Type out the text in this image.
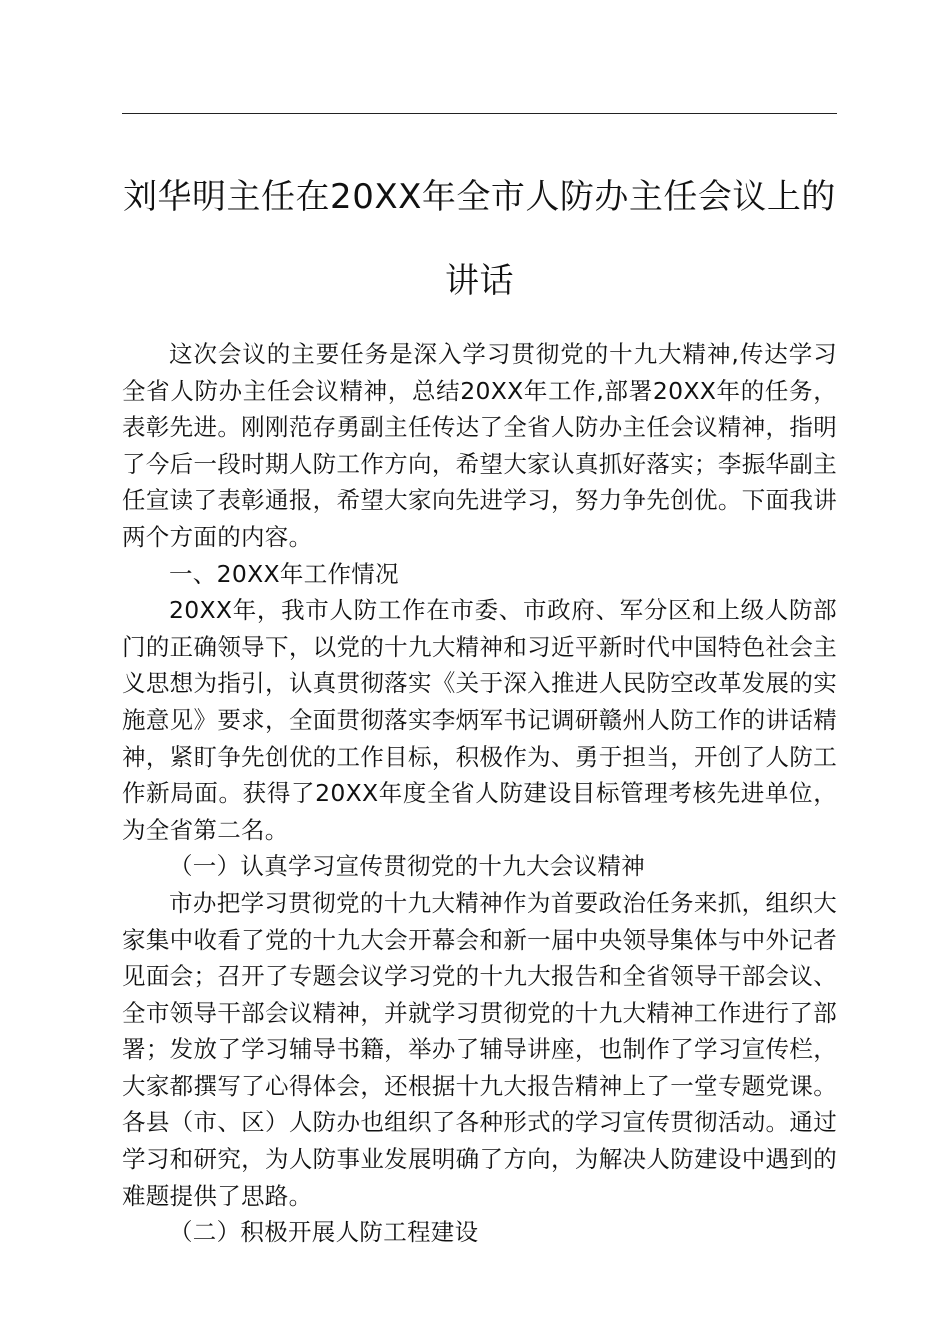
刘华明主任在20XX年全市人防办主任会议上的讲话

这次会议的主要任务是深入学习贯彻党的十九大精神,传达学习全省人防办主任会议精神，总结20XX年工作,部署20XX年的任务，表彰先进。刚刚范存勇副主任传达了全省人防办主任会议精神，指明了今后一段时期人防工作方向，希望大家认真抓好落实；李振华副主任宣读了表彰通报，希望大家向先进学习，努力争先创优。下面我讲两个方面的内容。

一、20XX年工作情况

20XX年，我市人防工作在市委、市政府、军分区和上级人防部门的正确领导下，以党的十九大精神和习近平新时代中国特色社会主义思想为指引，认真贯彻落实《关于深入推进人民防空改革发展的实施意见》要求，全面贯彻落实李炳军书记调研赣州人防工作的讲话精神，紧盯争先创优的工作目标，积极作为、勇于担当，开创了人防工作新局面。获得了20XX年度全省人防建设目标管理考核先进单位，为全省第二名。

（一）认真学习宣传贯彻党的十九大会议精神

市办把学习贯彻党的十九大精神作为首要政治任务来抓，组织大家集中收看了党的十九大会开幕会和新一届中央领导集体与中外记者见面会；召开了专题会议学习党的十九大报告和全省领导干部会议、全市领导干部会议精神，并就学习贯彻党的十九大精神工作进行了部署；发放了学习辅导书籍，举办了辅导讲座，也制作了学习宣传栏，大家都撰写了心得体会，还根据十九大报告精神上了一堂专题党课。各县（市、区）人防办也组织了各种形式的学习宣传贯彻活动。通过学习和研究，为人防事业发展明确了方向，为解决人防建设中遇到的难题提供了思路。

（二）积极开展人防工程建设
